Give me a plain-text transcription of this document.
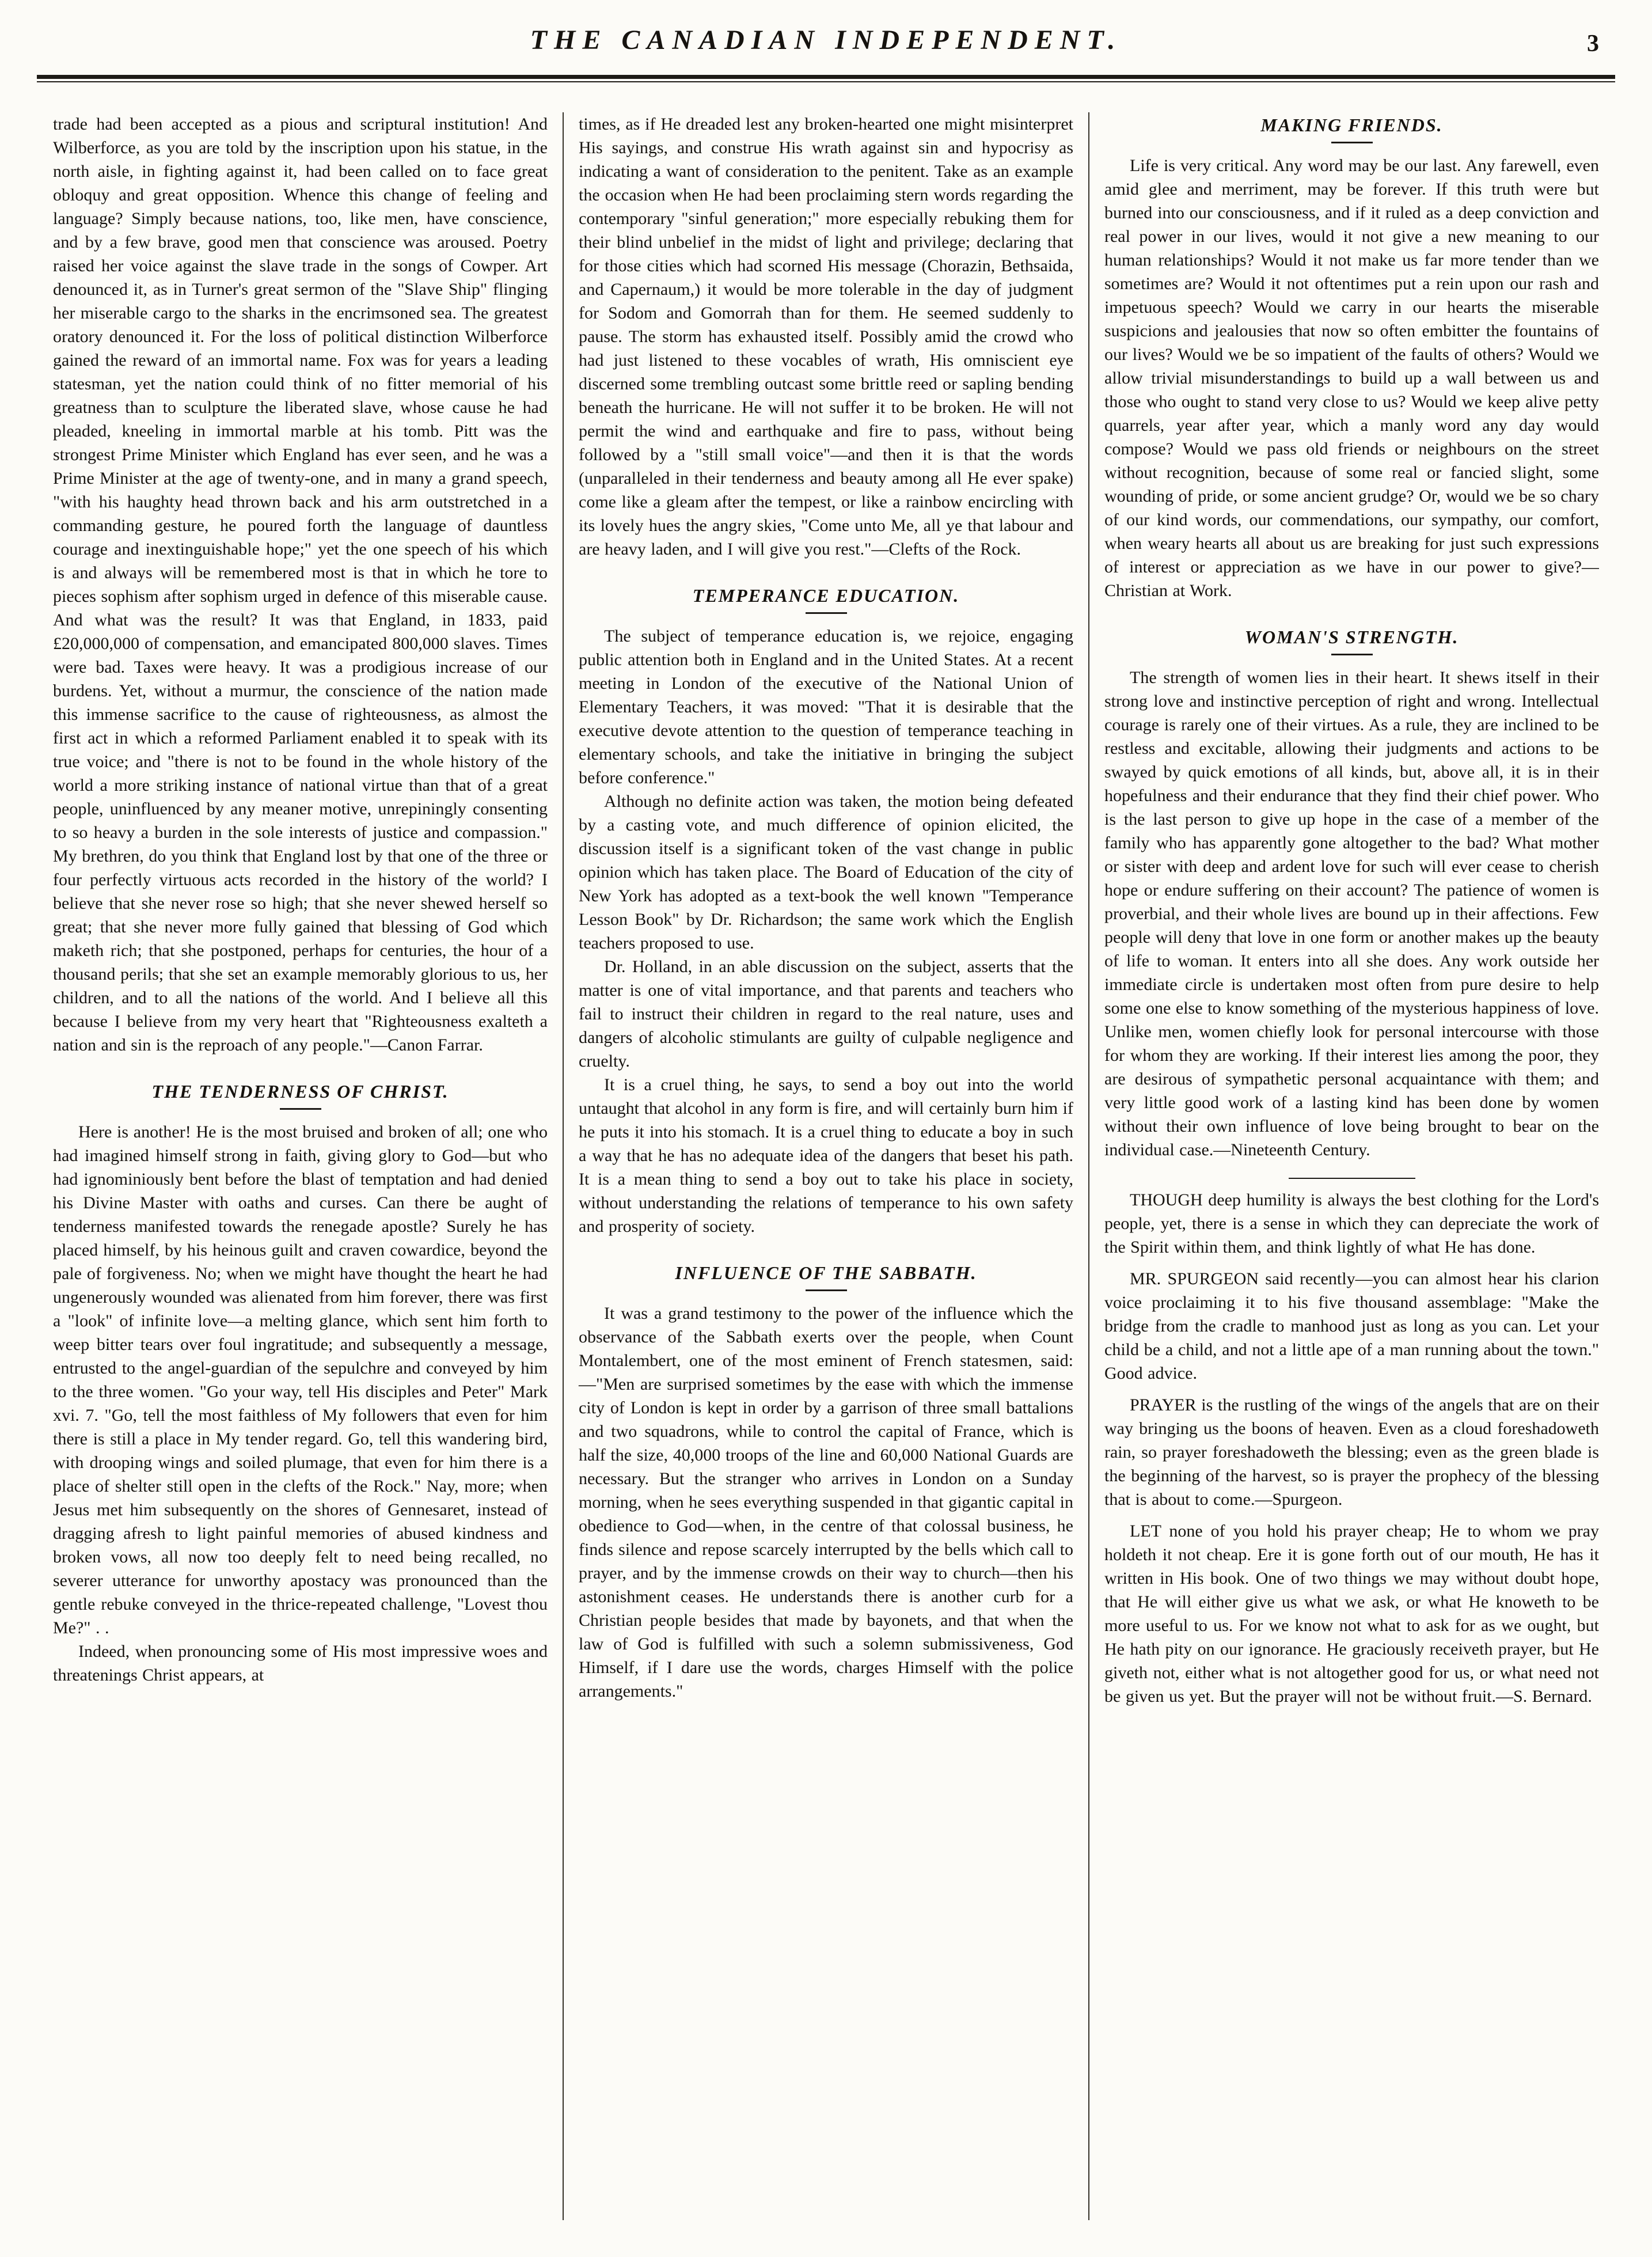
THE CANADIAN INDEPENDENT.	3

trade had been accepted as a pious and scriptural institution! And Wilberforce, as you are told by the inscription upon his statue, in the north aisle, in fighting against it, had been called on to face great obloquy and great opposition. Whence this change of feeling and language? Simply because nations, too, like men, have conscience, and by a few brave, good men that conscience was aroused. Poetry raised her voice against the slave trade in the songs of Cowper. Art denounced it, as in Turner's great sermon of the "Slave Ship" flinging her miserable cargo to the sharks in the encrimsoned sea. The greatest oratory denounced it. For the loss of political distinction Wilberforce gained the reward of an immortal name. Fox was for years a leading statesman, yet the nation could think of no fitter memorial of his greatness than to sculpture the liberated slave, whose cause he had pleaded, kneeling in immortal marble at his tomb. Pitt was the strongest Prime Minister which England has ever seen, and he was a Prime Minister at the age of twenty-one, and in many a grand speech, "with his haughty head thrown back and his arm outstretched in a commanding gesture, he poured forth the language of dauntless courage and inextinguishable hope;" yet the one speech of his which is and always will be remembered most is that in which he tore to pieces sophism after sophism urged in defence of this miserable cause. And what was the result? It was that England, in 1833, paid £20,000,000 of compensation, and emancipated 800,000 slaves. Times were bad. Taxes were heavy. It was a prodigious increase of our burdens. Yet, without a murmur, the conscience of the nation made this immense sacrifice to the cause of righteousness, as almost the first act in which a reformed Parliament enabled it to speak with its true voice; and "there is not to be found in the whole history of the world a more striking instance of national virtue than that of a great people, uninfluenced by any meaner motive, unrepiningly consenting to so heavy a burden in the sole interests of justice and compassion." My brethren, do you think that England lost by that one of the three or four perfectly virtuous acts recorded in the history of the world? I believe that she never rose so high; that she never shewed herself so great; that she never more fully gained that blessing of God which maketh rich; that she postponed, perhaps for centuries, the hour of a thousand perils; that she set an example memorably glorious to us, her children, and to all the nations of the world. And I believe all this because I believe from my very heart that "Righteousness exalteth a nation and sin is the reproach of any people."—Canon Farrar.

THE TENDERNESS OF CHRIST.

Here is another! He is the most bruised and broken of all; one who had imagined himself strong in faith, giving glory to God—but who had ignominiously bent before the blast of temptation and had denied his Divine Master with oaths and curses. Can there be aught of tenderness manifested towards the renegade apostle? Surely he has placed himself, by his heinous guilt and craven cowardice, beyond the pale of forgiveness. No; when we might have thought the heart he had ungenerously wounded was alienated from him forever, there was first a "look" of infinite love—a melting glance, which sent him forth to weep bitter tears over foul ingratitude; and subsequently a message, entrusted to the angel-guardian of the sepulchre and conveyed by him to the three women. "Go your way, tell His disciples and Peter" Mark xvi. 7. "Go, tell the most faithless of My followers that even for him there is still a place in My tender regard. Go, tell this wandering bird, with drooping wings and soiled plumage, that even for him there is a place of shelter still open in the clefts of the Rock." Nay, more; when Jesus met him subsequently on the shores of Gennesaret, instead of dragging afresh to light painful memories of abused kindness and broken vows, all now too deeply felt to need being recalled, no severer utterance for unworthy apostacy was pronounced than the gentle rebuke conveyed in the thrice-repeated challenge, "Lovest thou Me?" . .

Indeed, when pronouncing some of His most impressive woes and threatenings Christ appears, at

times, as if He dreaded lest any broken-hearted one might misinterpret His sayings, and construe His wrath against sin and hypocrisy as indicating a want of consideration to the penitent. Take as an example the occasion when He had been proclaiming stern words regarding the contemporary "sinful generation;" more especially rebuking them for their blind unbelief in the midst of light and privilege; declaring that for those cities which had scorned His message (Chorazin, Bethsaida, and Capernaum,) it would be more tolerable in the day of judgment for Sodom and Gomorrah than for them. He seemed suddenly to pause. The storm has exhausted itself. Possibly amid the crowd who had just listened to these vocables of wrath, His omniscient eye discerned some trembling outcast some brittle reed or sapling bending beneath the hurricane. He will not suffer it to be broken. He will not permit the wind and earthquake and fire to pass, without being followed by a "still small voice"—and then it is that the words (unparalleled in their tenderness and beauty among all He ever spake) come like a gleam after the tempest, or like a rainbow encircling with its lovely hues the angry skies, "Come unto Me, all ye that labour and are heavy laden, and I will give you rest."—Clefts of the Rock.

TEMPERANCE EDUCATION.

The subject of temperance education is, we rejoice, engaging public attention both in England and in the United States. At a recent meeting in London of the executive of the National Union of Elementary Teachers, it was moved: "That it is desirable that the executive devote attention to the question of temperance teaching in elementary schools, and take the initiative in bringing the subject before conference."

Although no definite action was taken, the motion being defeated by a casting vote, and much difference of opinion elicited, the discussion itself is a significant token of the vast change in public opinion which has taken place. The Board of Education of the city of New York has adopted as a text-book the well known "Temperance Lesson Book" by Dr. Richardson; the same work which the English teachers proposed to use.

Dr. Holland, in an able discussion on the subject, asserts that the matter is one of vital importance, and that parents and teachers who fail to instruct their children in regard to the real nature, uses and dangers of alcoholic stimulants are guilty of culpable negligence and cruelty.

It is a cruel thing, he says, to send a boy out into the world untaught that alcohol in any form is fire, and will certainly burn him if he puts it into his stomach. It is a cruel thing to educate a boy in such a way that he has no adequate idea of the dangers that beset his path. It is a mean thing to send a boy out to take his place in society, without understanding the relations of temperance to his own safety and prosperity of society.

INFLUENCE OF THE SABBATH.

It was a grand testimony to the power of the influence which the observance of the Sabbath exerts over the people, when Count Montalembert, one of the most eminent of French statesmen, said:—"Men are surprised sometimes by the ease with which the immense city of London is kept in order by a garrison of three small battalions and two squadrons, while to control the capital of France, which is half the size, 40,000 troops of the line and 60,000 National Guards are necessary. But the stranger who arrives in London on a Sunday morning, when he sees everything suspended in that gigantic capital in obedience to God—when, in the centre of that colossal business, he finds silence and repose scarcely interrupted by the bells which call to prayer, and by the immense crowds on their way to church—then his astonishment ceases. He understands there is another curb for a Christian people besides that made by bayonets, and that when the law of God is fulfilled with such a solemn submissiveness, God Himself, if I dare use the words, charges Himself with the police arrangements."

MAKING FRIENDS.

Life is very critical. Any word may be our last. Any farewell, even amid glee and merriment, may be forever. If this truth were but burned into our consciousness, and if it ruled as a deep conviction and real power in our lives, would it not give a new meaning to our human relationships? Would it not make us far more tender than we sometimes are? Would it not oftentimes put a rein upon our rash and impetuous speech? Would we carry in our hearts the miserable suspicions and jealousies that now so often embitter the fountains of our lives? Would we be so impatient of the faults of others? Would we allow trivial misunderstandings to build up a wall between us and those who ought to stand very close to us? Would we keep alive petty quarrels, year after year, which a manly word any day would compose? Would we pass old friends or neighbours on the street without recognition, because of some real or fancied slight, some wounding of pride, or some ancient grudge? Or, would we be so chary of our kind words, our commendations, our sympathy, our comfort, when weary hearts all about us are breaking for just such expressions of interest or appreciation as we have in our power to give?—Christian at Work.

WOMAN'S STRENGTH.

The strength of women lies in their heart. It shews itself in their strong love and instinctive perception of right and wrong. Intellectual courage is rarely one of their virtues. As a rule, they are inclined to be restless and excitable, allowing their judgments and actions to be swayed by quick emotions of all kinds, but, above all, it is in their hopefulness and their endurance that they find their chief power. Who is the last person to give up hope in the case of a member of the family who has apparently gone altogether to the bad? What mother or sister with deep and ardent love for such will ever cease to cherish hope or endure suffering on their account? The patience of women is proverbial, and their whole lives are bound up in their affections. Few people will deny that love in one form or another makes up the beauty of life to woman. It enters into all she does. Any work outside her immediate circle is undertaken most often from pure desire to help some one else to know something of the mysterious happiness of love. Unlike men, women chiefly look for personal intercourse with those for whom they are working. If their interest lies among the poor, they are desirous of sympathetic personal acquaintance with them; and very little good work of a lasting kind has been done by women without their own influence of love being brought to bear on the individual case.—Nineteenth Century.

THOUGH deep humility is always the best clothing for the Lord's people, yet, there is a sense in which they can depreciate the work of the Spirit within them, and think lightly of what He has done.

MR. SPURGEON said recently—you can almost hear his clarion voice proclaiming it to his five thousand assemblage: "Make the bridge from the cradle to manhood just as long as you can. Let your child be a child, and not a little ape of a man running about the town." Good advice.

PRAYER is the rustling of the wings of the angels that are on their way bringing us the boons of heaven. Even as a cloud foreshadoweth rain, so prayer foreshadoweth the blessing; even as the green blade is the beginning of the harvest, so is prayer the prophecy of the blessing that is about to come.—Spurgeon.

LET none of you hold his prayer cheap; He to whom we pray holdeth it not cheap. Ere it is gone forth out of our mouth, He has it written in His book. One of two things we may without doubt hope, that He will either give us what we ask, or what He knoweth to be more useful to us. For we know not what to ask for as we ought, but He hath pity on our ignorance. He graciously receiveth prayer, but He giveth not, either what is not altogether good for us, or what need not be given us yet. But the prayer will not be without fruit.—S. Bernard.
